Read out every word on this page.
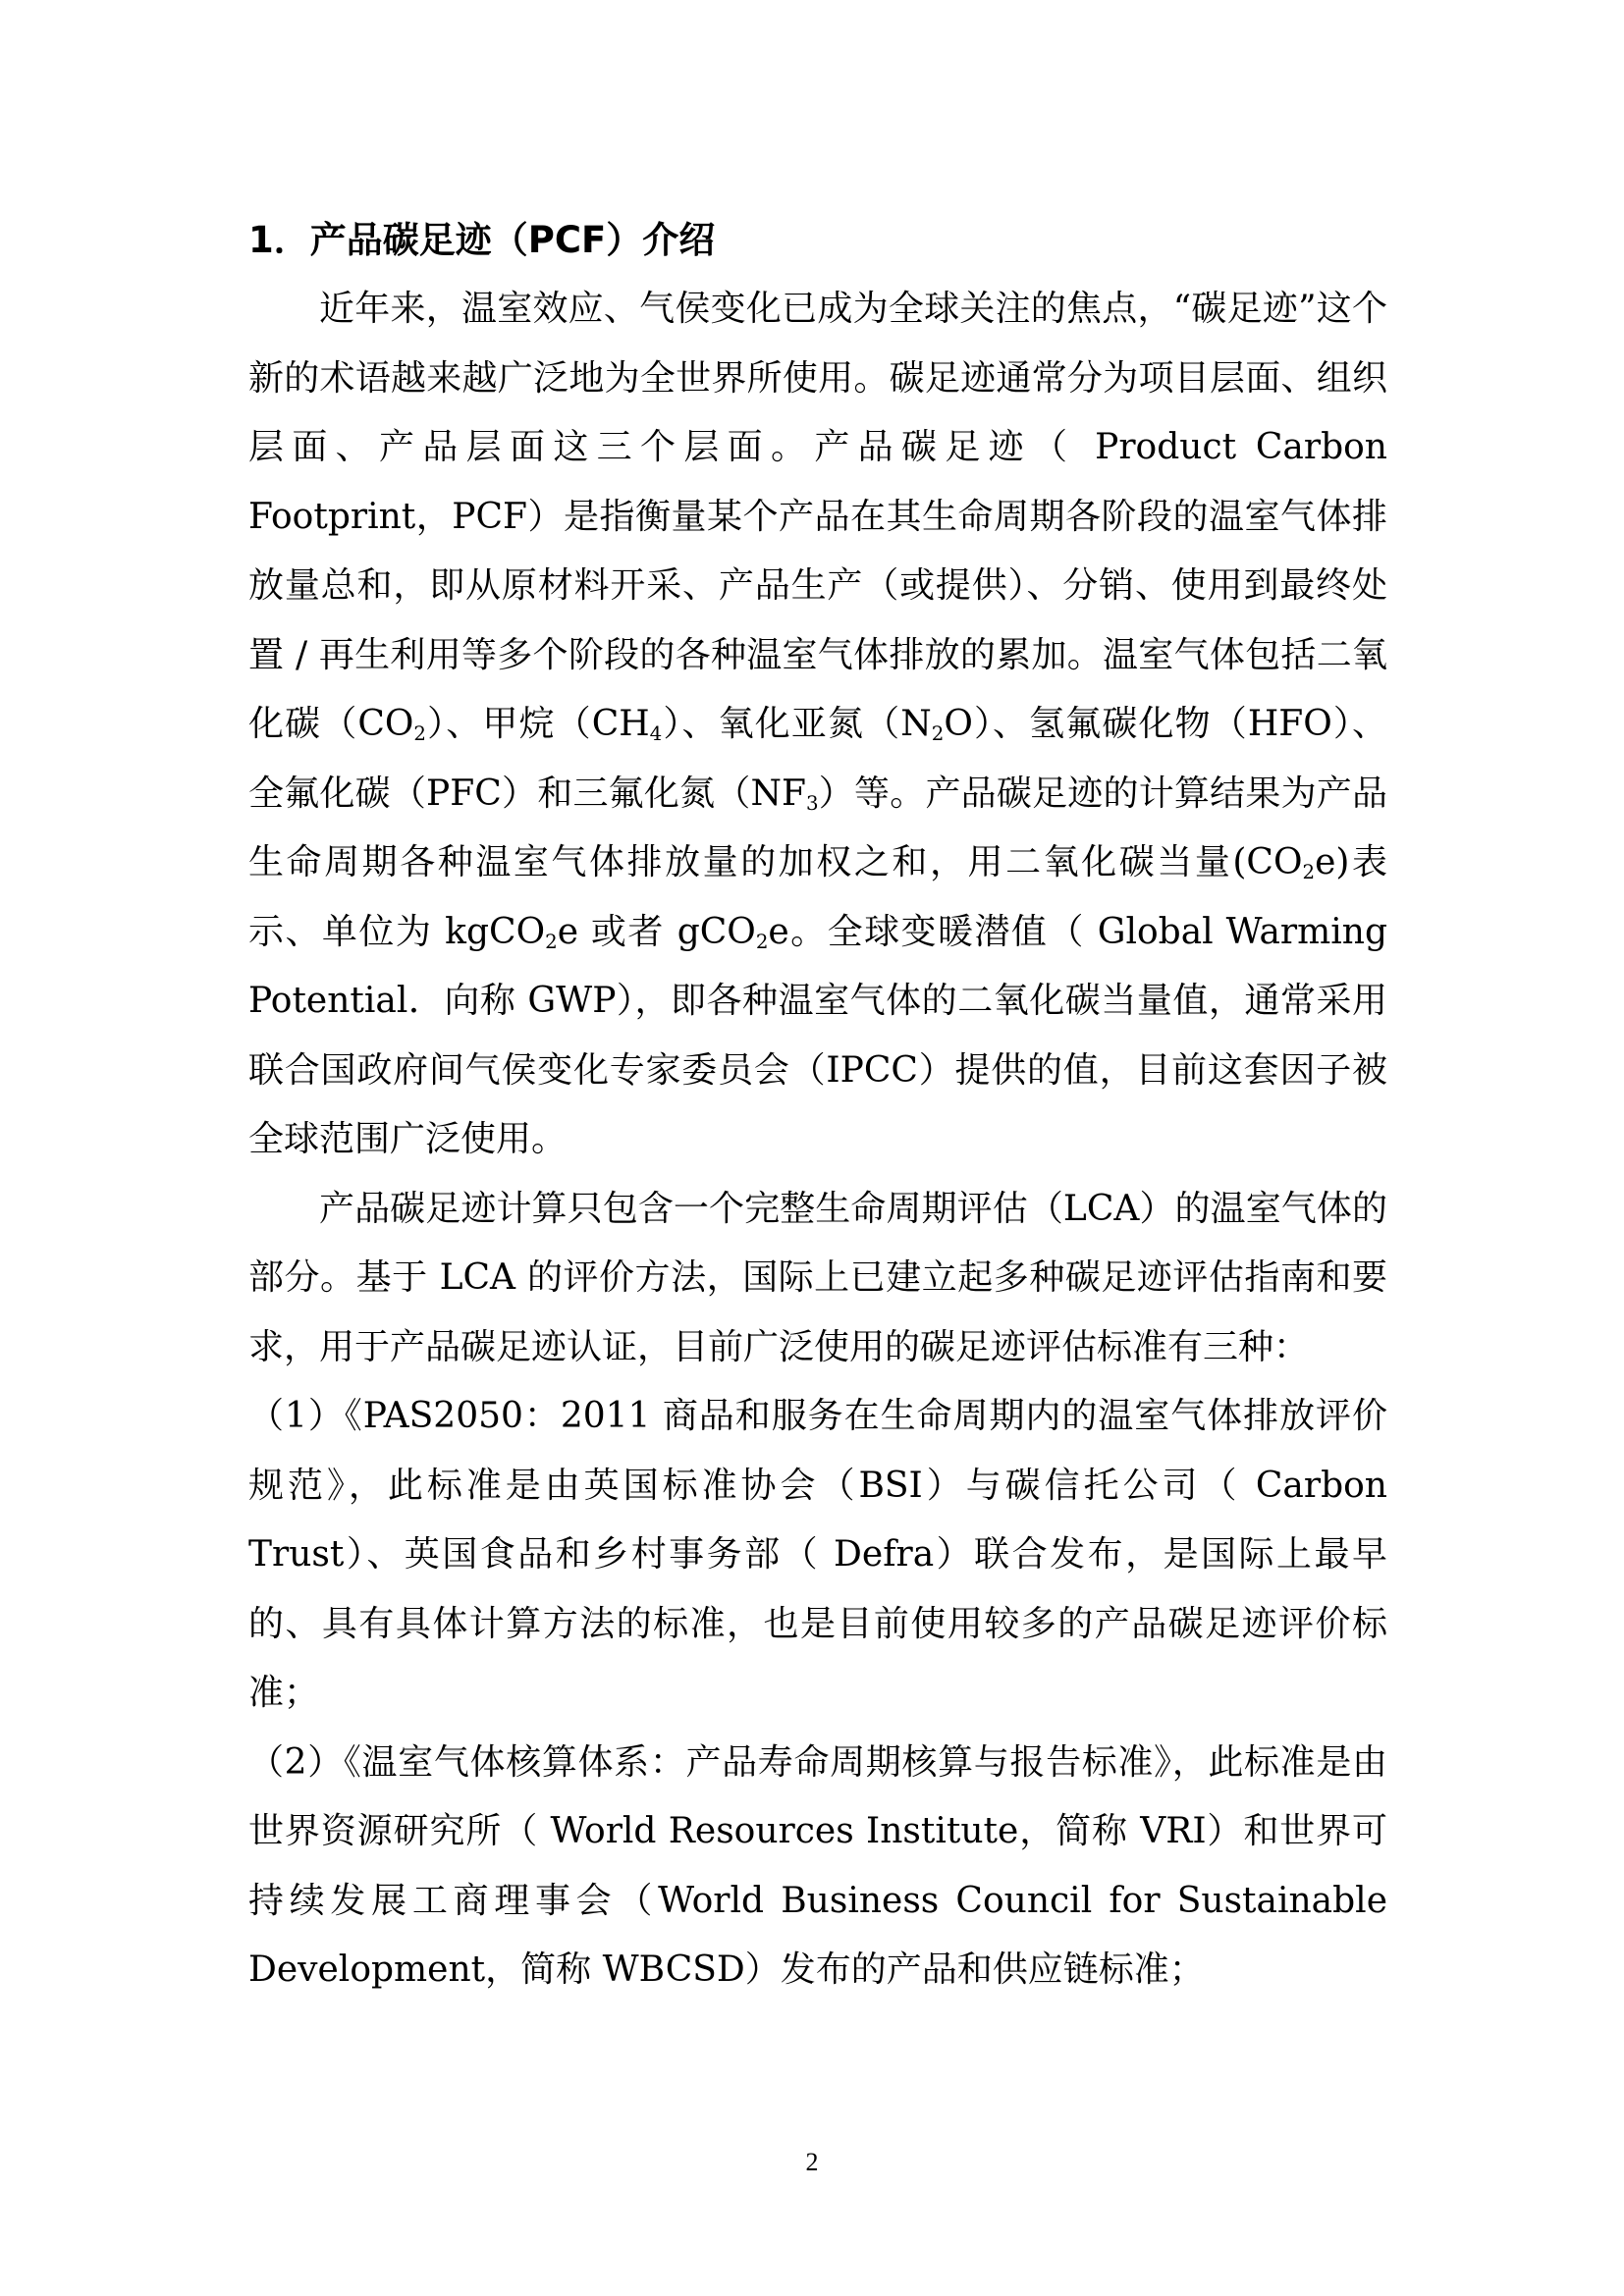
1．产品碳足迹（PCF）介绍

近年来，温室效应、气侯变化已成为全球关注的焦点，“碳足迹”这个新的术语越来越广泛地为全世界所使用。碳足迹通常分为项目层面、组织层面、产品层面这三个层面。产品碳足迹（ Product Carbon Footprint，PCF）是指衡量某个产品在其生命周期各阶段的温室气体排放量总和，即从原材料开采、产品生产（或提供）、分销、使用到最终处置 / 再生利用等多个阶段的各种温室气体排放的累加。温室气体包括二氧化碳$(CO_2)$、甲烷$(CH_4)$、氧化亚氮$(N_2O)$、氢氟碳化物（HFO）、全氟化碳（PFC）和三氟化氮$(NF_3)$等。产品碳足迹的计算结果为产品生命周期各种温室气体排放量的加权之和，用二氧化碳当量$(CO_2e)$表示、单位为 kgCO$_2$e 或者 gCO$_2$e。全球变暖潜值（ Global Warming Potential．向称 GWP），即各种温室气体的二氧化碳当量值，通常采用联合国政府间气侯变化专家委员会（IPCC）提供的值，目前这套因子被全球范围广泛使用。

产品碳足迹计算只包含一个完整生命周期评估（LCA）的温室气体的部分。基于 LCA 的评价方法，国际上已建立起多种碳足迹评估指南和要求，用于产品碳足迹认证，目前广泛使用的碳足迹评估标准有三种：

（1）《PAS2050：2011 商品和服务在生命周期内的温室气体排放评价规范》，此标准是由英国标准协会（BSI）与碳信托公司（ Carbon Trust）、英国食品和乡村事务部（ Defra）联合发布，是国际上最早的、具有具体计算方法的标准，也是目前使用较多的产品碳足迹评价标准；

（2）《温室气体核算体系：产品寿命周期核算与报告标准》，此标准是由世界资源研究所（ World Resources Institute，简称 VRI）和世界可持续发展工商理事会（World Business Council for Sustainable Development，简称 WBCSD）发布的产品和供应链标准；

2
